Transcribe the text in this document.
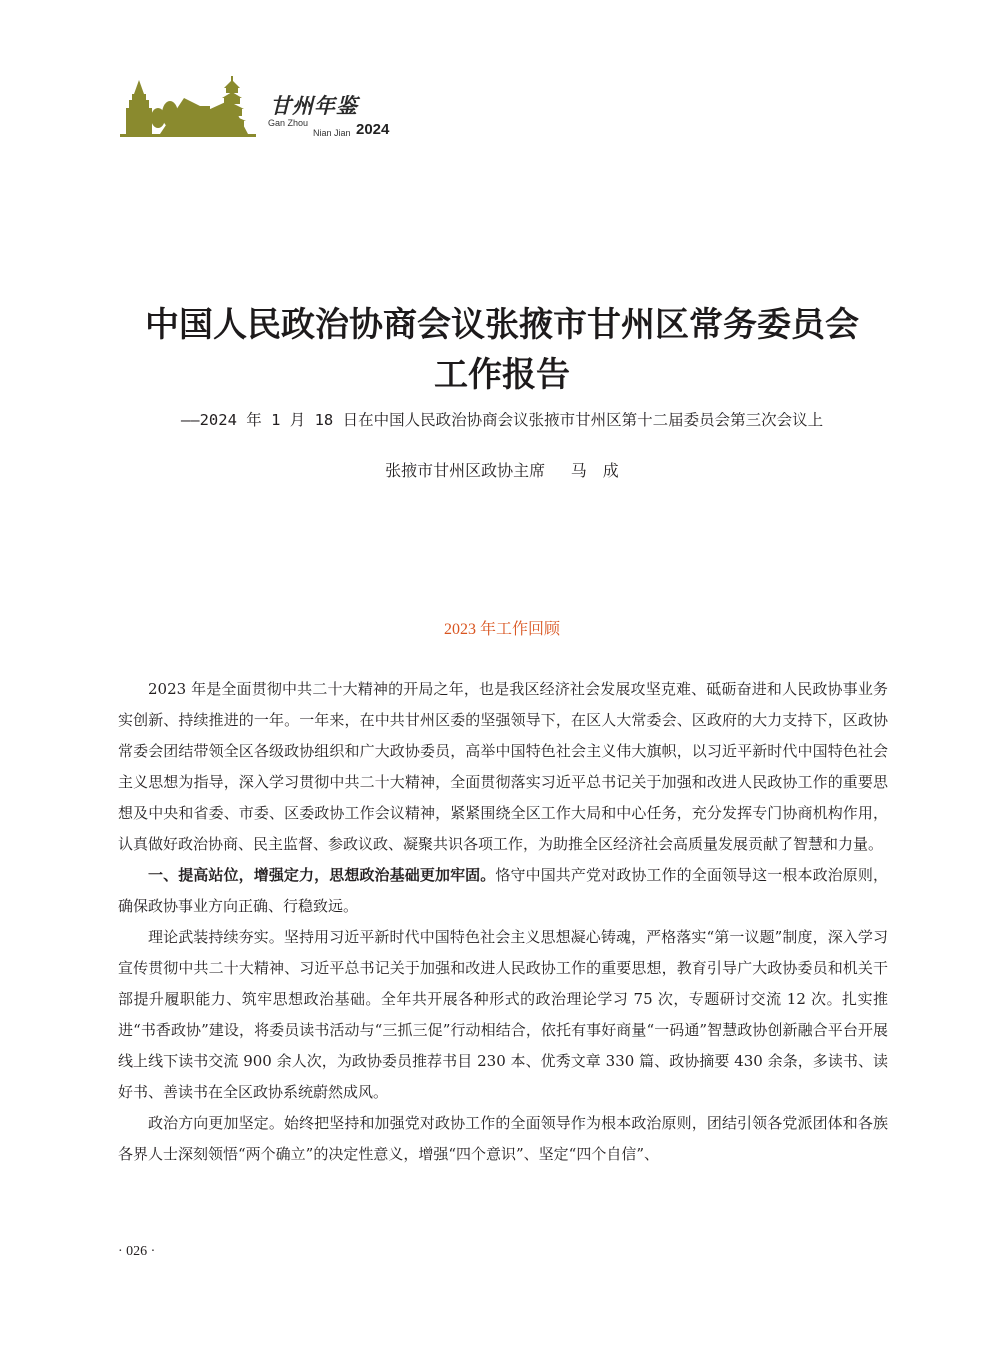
甘州年鉴
Gan Zhou
Nian Jian 2024
中国人民政治协商会议张掖市甘州区常务委员会
工作报告
——2024 年 1 月 18 日在中国人民政治协商会议张掖市甘州区第十二届委员会第三次会议上
张掖市甘州区政协主席　 马　成
2023 年工作回顾

2023 年是全面贯彻中共二十大精神的开局之年，也是我区经济社会发展攻坚克难、砥砺奋进和人民政协事业务实创新、持续推进的一年。一年来，在中共甘州区委的坚强领导下，在区人大常委会、区政府的大力支持下，区政协常委会团结带领全区各级政协组织和广大政协委员，高举中国特色社会主义伟大旗帜，以习近平新时代中国特色社会主义思想为指导，深入学习贯彻中共二十大精神，全面贯彻落实习近平总书记关于加强和改进人民政协工作的重要思想及中央和省委、市委、区委政协工作会议精神，紧紧围绕全区工作大局和中心任务，充分发挥专门协商机构作用，认真做好政治协商、民主监督、参政议政、凝聚共识各项工作，为助推全区经济社会高质量发展贡献了智慧和力量。

一、提高站位，增强定力，思想政治基础更加牢固。恪守中国共产党对政协工作的全面领导这一根本政治原则，确保政协事业方向正确、行稳致远。

理论武装持续夯实。坚持用习近平新时代中国特色社会主义思想凝心铸魂，严格落实“第一议题”制度，深入学习宣传贯彻中共二十大精神、习近平总书记关于加强和改进人民政协工作的重要思想，教育引导广大政协委员和机关干部提升履职能力、筑牢思想政治基础。全年共开展各种形式的政治理论学习 75 次，专题研讨交流 12 次。扎实推进“书香政协”建设，将委员读书活动与“三抓三促”行动相结合，依托有事好商量“一码通”智慧政协创新融合平台开展线上线下读书交流 900 余人次，为政协委员推荐书目 230 本、优秀文章 330 篇、政协摘要 430 余条，多读书、读好书、善读书在全区政协系统蔚然成风。

政治方向更加坚定。始终把坚持和加强党对政协工作的全面领导作为根本政治原则，团结引领各党派团体和各族各界人士深刻领悟“两个确立”的决定性意义，增强“四个意识”、坚定“四个自信”、

· 026 ·
